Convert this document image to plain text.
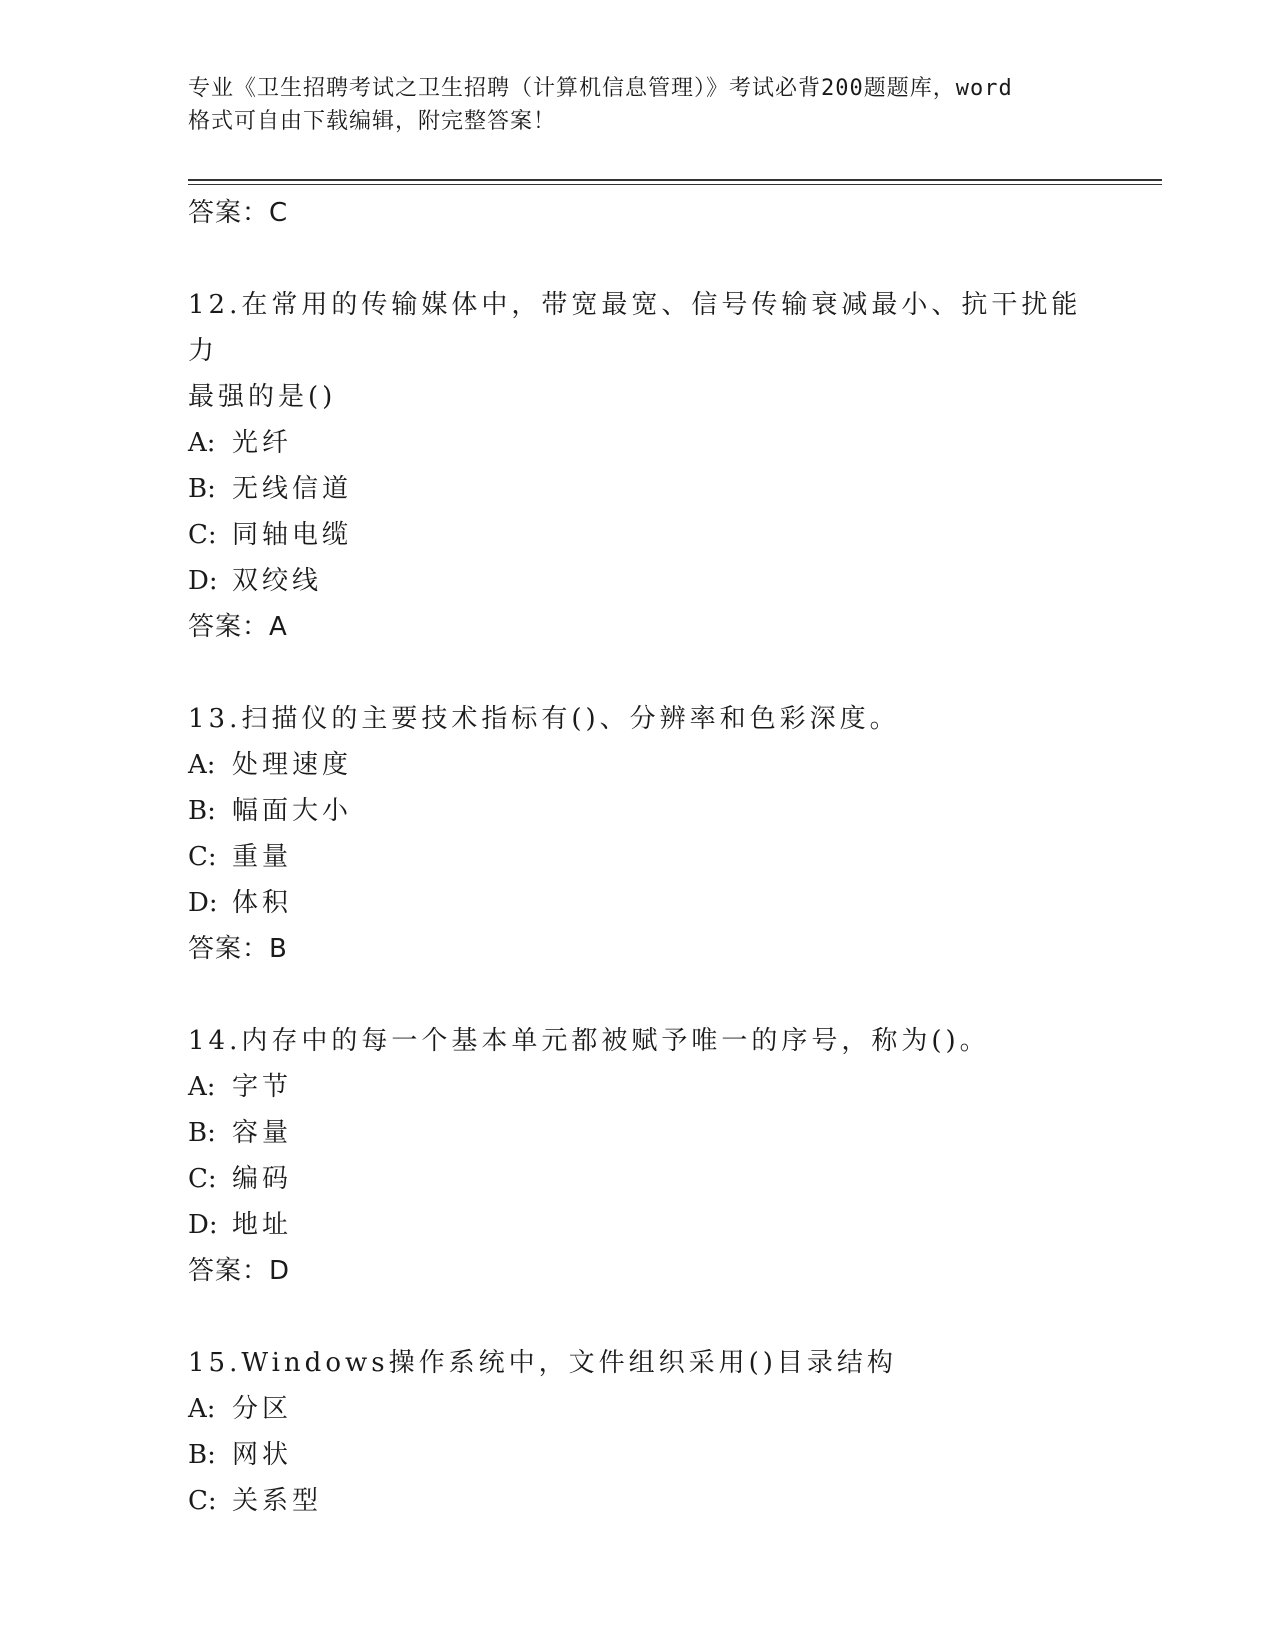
专业《卫生招聘考试之卫生招聘（计算机信息管理）》考试必背200题题库，word
格式可自由下载编辑，附完整答案！
答案：C
12.在常用的传输媒体中，带宽最宽、信号传输衰减最小、抗干扰能力
最强的是()
A: 光纤
B: 无线信道
C: 同轴电缆
D: 双绞线
答案：A
13.扫描仪的主要技术指标有()、分辨率和色彩深度。
A: 处理速度
B: 幅面大小
C: 重量
D: 体积
答案：B
14.内存中的每一个基本单元都被赋予唯一的序号，称为()。
A: 字节
B: 容量
C: 编码
D: 地址
答案：D
15.Windows操作系统中，文件组织采用()目录结构
A: 分区
B: 网状
C: 关系型
